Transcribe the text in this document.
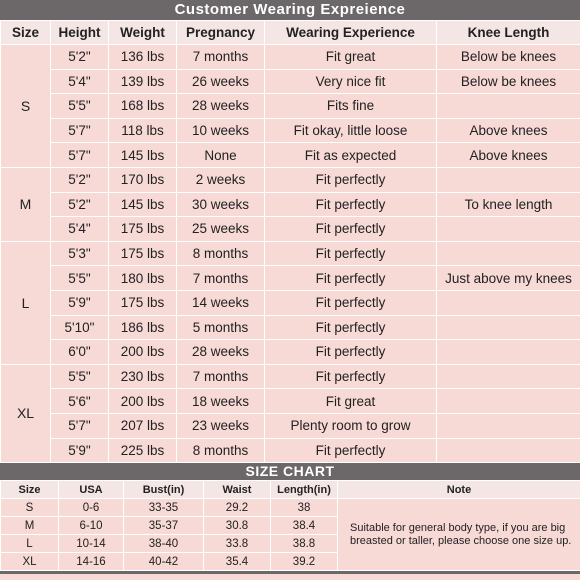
Customer Wearing Expreience
Size	Height	Weight	Pregnancy	Wearing Experience	Knee Length
S	5'2"	136 lbs	7 months	Fit great	Below be knees
	5'4"	139 lbs	26 weeks	Very nice fit	Below be knees
	5'5"	168 lbs	28 weeks	Fits fine	
	5'7"	118 lbs	10 weeks	Fit okay, little loose	Above knees
	5'7"	145 lbs	None	Fit as expected	Above knees
M	5'2"	170 lbs	2 weeks	Fit perfectly	
	5'2"	145 lbs	30 weeks	Fit perfectly	To knee length
	5'4"	175 lbs	25 weeks	Fit perfectly	
L	5'3"	175 lbs	8 months	Fit perfectly	
	5'5"	180 lbs	7 months	Fit perfectly	Just above my knees
	5'9"	175 lbs	14 weeks	Fit perfectly	
	5'10"	186 lbs	5 months	Fit perfectly	
	6'0"	200 lbs	28 weeks	Fit perfectly	
XL	5'5"	230 lbs	7 months	Fit perfectly	
	5'6"	200 lbs	18 weeks	Fit great	
	5'7"	207 lbs	23 weeks	Plenty room to grow	
	5'9"	225 lbs	8 months	Fit perfectly	
SIZE CHART
Size	USA	Bust(in)	Waist	Length(in)	Note
S	0-6	33-35	29.2	38	Suitable for general body type, if you are big breasted or taller, please choose one size up.
M	6-10	35-37	30.8	38.4	
L	10-14	38-40	33.8	38.8	
XL	14-16	40-42	35.4	39.2	
